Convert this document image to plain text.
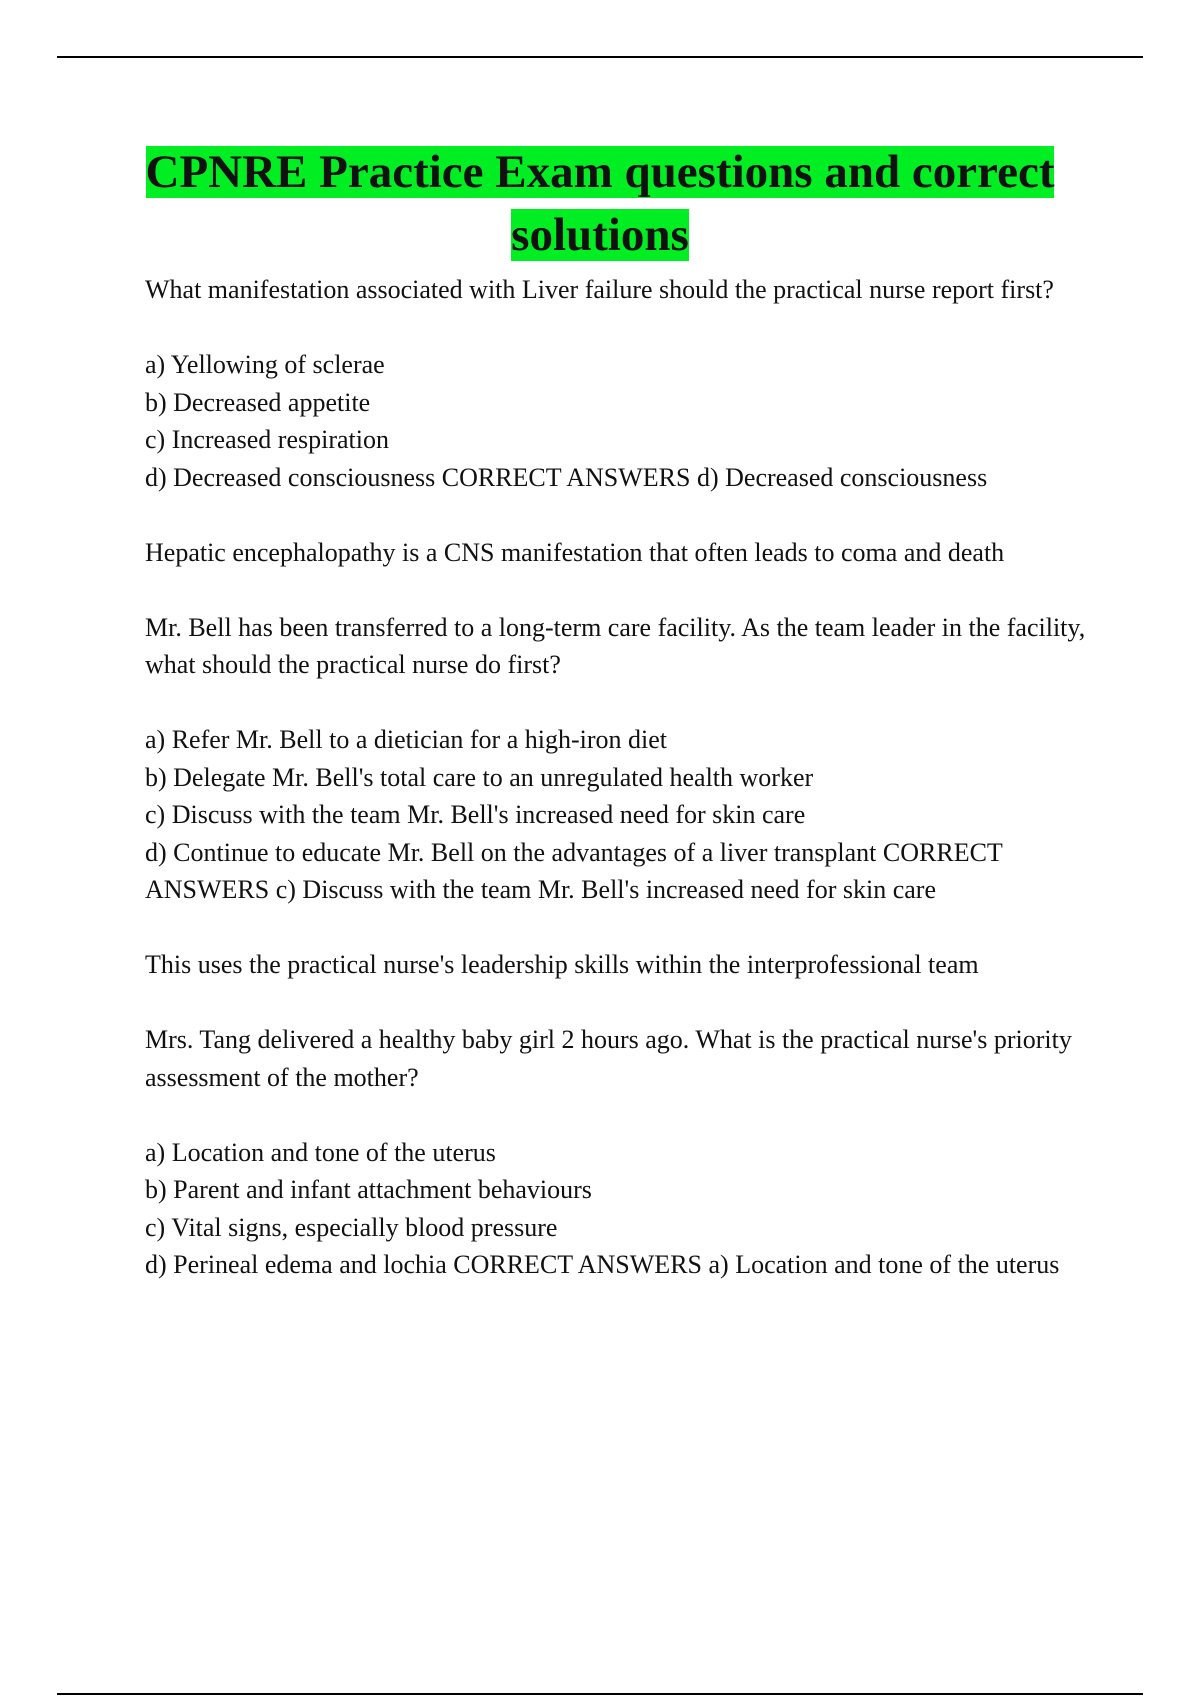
CPNRE Practice Exam questions and correct solutions

What manifestation associated with Liver failure should the practical nurse report first?

a) Yellowing of sclerae

b) Decreased appetite

c) Increased respiration

d) Decreased consciousness CORRECT ANSWERS d) Decreased consciousness

Hepatic encephalopathy is a CNS manifestation that often leads to coma and death

Mr. Bell has been transferred to a long-term care facility. As the team leader in the facility, what should the practical nurse do first?

a) Refer Mr. Bell to a dietician for a high-iron diet

b) Delegate Mr. Bell's total care to an unregulated health worker

c) Discuss with the team Mr. Bell's increased need for skin care

d) Continue to educate Mr. Bell on the advantages of a liver transplant CORRECT ANSWERS c) Discuss with the team Mr. Bell's increased need for skin care

This uses the practical nurse's leadership skills within the interprofessional team

Mrs. Tang delivered a healthy baby girl 2 hours ago. What is the practical nurse's priority assessment of the mother?

a) Location and tone of the uterus

b) Parent and infant attachment behaviours

c) Vital signs, especially blood pressure

d) Perineal edema and lochia CORRECT ANSWERS a) Location and tone of the uterus
